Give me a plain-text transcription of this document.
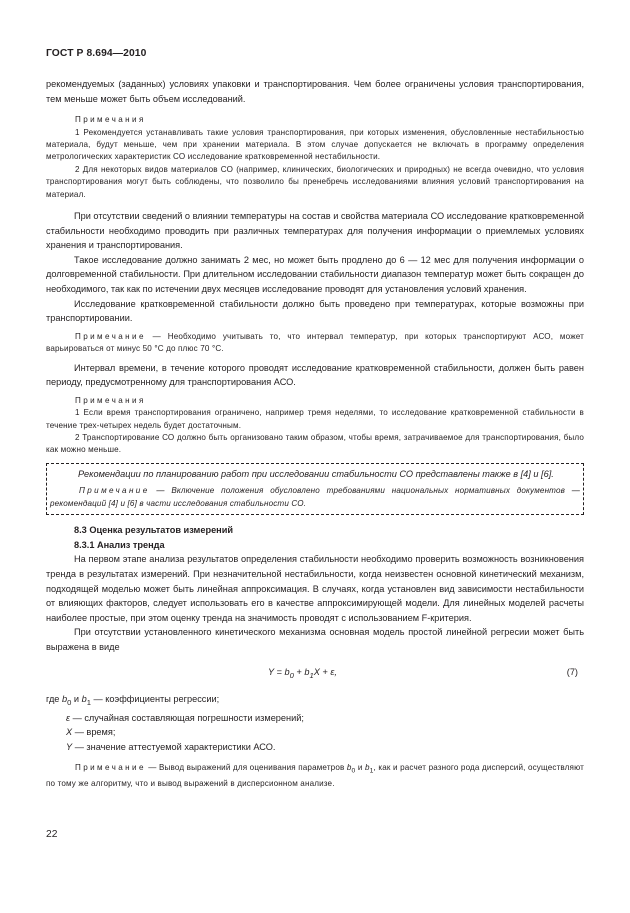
ГОСТ Р 8.694—2010

рекомендуемых (заданных) условиях упаковки и транспортирования. Чем более ограничены условия транспортирования, тем меньше может быть объем исследований.

Примечания

1 Рекомендуется устанавливать такие условия транспортирования, при которых изменения, обусловленные нестабильностью материала, будут меньше, чем при хранении материала. В этом случае допускается не включать в программу определения метрологических характеристик СО исследование кратковременной нестабильности.

2 Для некоторых видов материалов СО (например, клинических, биологических и природных) не всегда очевидно, что условия транспортирования могут быть соблюдены, что позволило бы пренебречь исследованиями влияния условий транспортирования на материал.

При отсутствии сведений о влиянии температуры на состав и свойства материала СО исследование кратковременной стабильности необходимо проводить при различных температурах для получения информации о приемлемых условиях хранения и транспортирования.

Такое исследование должно занимать 2 мес, но может быть продлено до 6 — 12 мес для получения информации о долговременной стабильности. При длительном исследовании стабильности диапазон температур может быть сокращен до необходимого, так как по истечении двух месяцев исследование проводят для установления условий хранения.

Исследование кратковременной стабильности должно быть проведено при температурах, которые возможны при транспортировании.

Примечание — Необходимо учитывать то, что интервал температур, при которых транспортируют АСО, может варьироваться от минус 50 °С до плюс 70 °С.

Интервал времени, в течение которого проводят исследование кратковременной стабильности, должен быть равен периоду, предусмотренному для транспортирования АСО.

Примечания

1 Если время транспортирования ограничено, например тремя неделями, то исследование кратковременной стабильности в течение трех-четырех недель будет достаточным.

2 Транспортирование СО должно быть организовано таким образом, чтобы время, затрачиваемое для транспортирования, было как можно меньше.

Рекомендации по планированию работ при исследовании стабильности СО представлены также в [4] и [6].

Примечание — Включение положения обусловлено требованиями национальных нормативных документов — рекомендаций [4] и [6] в части исследования стабильности СО.

8.3 Оценка результатов измерений

8.3.1 Анализ тренда

На первом этапе анализа результатов определения стабильности необходимо проверить возможность возникновения тренда в результатах измерений. При незначительной нестабильности, когда неизвестен основной кинетический механизм, подходящей моделью может быть линейная аппроксимация. В случаях, когда установлен вид зависимости нестабильности от влияющих факторов, следует использовать его в качестве аппроксимирующей модели. Для линейных моделей расчеты наиболее простые, при этом оценку тренда на значимость проводят с использованием F-критерия.

При отсутствии установленного кинетического механизма основная модель простой линейной регресии может быть выражена в виде

$Y = b_0 + b_1X + \varepsilon$,	(7)
где $b_0$ и $b_1$ — коэффициенты регрессии;
ε — случайная составляющая погрешности измерений;
X — время;
Y — значение аттестуемой характеристики АСО.

Примечание — Вывод выражений для оценивания параметров $b_0$ и $b_1$, как и расчет разного рода дисперсий, осуществляют по тому же алгоритму, что и вывод выражений в дисперсионном анализе.

22
